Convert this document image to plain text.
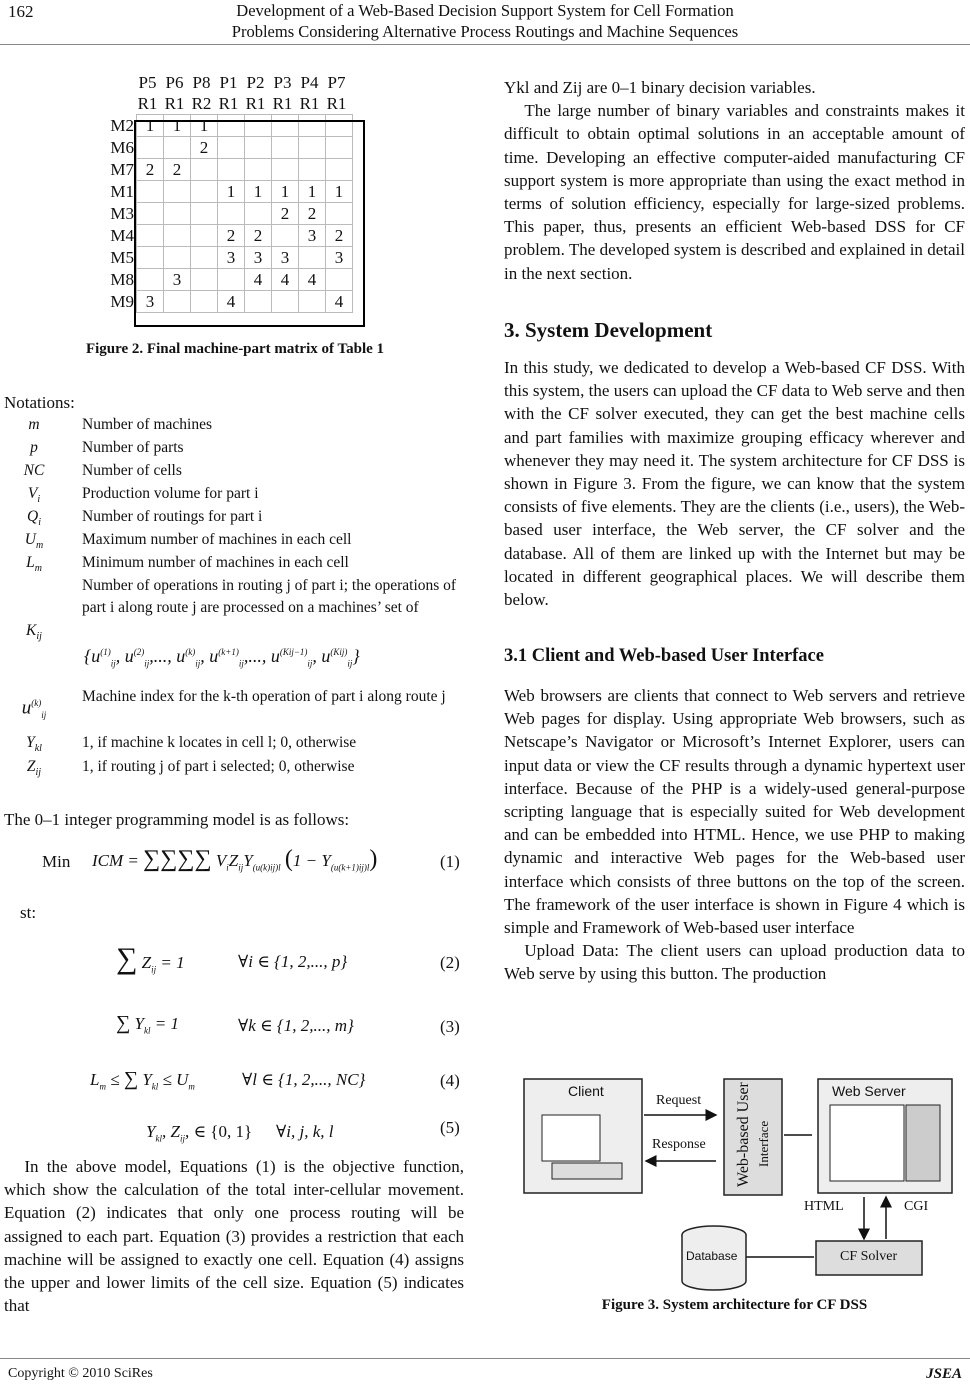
162	Development of a Web-Based Decision Support System for Cell Formation
Problems Considering Alternative Process Routings and Machine Sequences
P5 P6 P8 P1 P2 P3 P4 P7
R1 R1 R2 R1 R1 R1 R1 R1
M2	1	1	1					
M6			2					
M7	2	2						
M1				1	1	1	1	1
M3						2	2	
M4				2	2		3	2
M5				3	3	3		3
M8		3			4	4	4	
M9	3			4				4
Figure 2. Final machine-part matrix of Table 1
Notations:
m	Number of machines
p	Number of parts
NC	Number of cells
$V_i$	Production volume for part i
$Q_i$	Number of routings for part i
$U_m$	Maximum number of machines in each cell
$L_m$	Minimum number of machines in each cell
$K_{ij}$
Number of operations in routing j of part i; the operations of part i along route j are processed on a machines’ set of
{$u^{(1)}_{ij}$, $u^{(2)}_{ij}$,..., $u^{(k)}_{ij}$, $u^{(k+1)}_{ij}$,..., $u^{(Kij-1)}_{ij}$, $u^{(Kij)}_{ij}$}
$u^{(k)}_{ij}$
Machine index for the k-th operation of part i along route j
$Y_{kl}$	1, if machine k locates in cell l; 0, otherwise
$Z_{ij}$	1, if routing j of part i selected; 0, otherwise
The 0–1 integer programming model is as follows:
Min ICM = ∑∑∑∑ $V_iZ_{ij}Y_{(u(k)ij)l}$ $(1 - Y_{(u(k+1)ij)l})$	(1)
st:
∑ $Z_{ij} = 1$	∀i ∈ {1, 2,..., p}	(2)
∑ $Y_{kl} = 1$	∀k ∈ {1, 2,..., m}	(3)
$L_m$ ≤ ∑ $Y_{kl} \le U_m$	∀l ∈ {1, 2,..., NC}	(4)
$Y_{kl}$, $Z_{ij}$, ∈ {0, 1} ∀i, j, k, l	(5)

In the above model, Equations (1) is the objective function, which show the calculation of the total inter-cellular movement. Equation (2) indicates that only one process routing will be assigned to each part. Equation (3) provides a restriction that each machine will be assigned to exactly one cell. Equation (4) assigns the upper and lower limits of the cell size. Equation (5) indicates that

Ykl and Zij are 0–1 binary decision variables.

The large number of binary variables and constraints makes it difficult to obtain optimal solutions in an acceptable amount of time. Developing an effective computer-aided manufacturing CF support system is more appropriate than using the exact method in terms of solution efficiency, especially for large-sized problems. This paper, thus, presents an efficient Web-based DSS for CF problem. The developed system is described and explained in detail in the next section.

3. System Development

In this study, we dedicated to develop a Web-based CF DSS. With this system, the users can upload the CF data to Web serve and then with the CF solver executed, they can get the best machine cells and part families with maximize grouping efficacy wherever and whenever they may need it. The system architecture for CF DSS is shown in Figure 3. From the figure, we can know that the system consists of five elements. They are the clients (i.e., users), the Web-based user interface, the Web server, the CF solver and the database. All of them are linked up with the Internet but may be located in different geographical places. We will describe them below.

3.1 Client and Web-based User Interface

Web browsers are clients that connect to Web servers and retrieve Web pages for display. Using appropriate Web browsers, such as Netscape’s Navigator or Microsoft’s Internet Explorer, users can input data or view the CF results through a dynamic hypertext user interface. Because of the PHP is a widely-used general-purpose scripting language that is especially suited for Web development and can be embedded into HTML. Hence, we use PHP to making dynamic and interactive Web pages for the Web-based user interface which consists of three buttons on the top of the screen. The framework of the user interface is shown in Figure 4 which is simple and Framework of Web-based user interface

Upload Data: The client users can upload production data to Web serve by using this button. The production

Client
Request
Response Web-based User Interface
Web Server
HTML	CGI
CF Solver
Database
Figure 3. System architecture for CF DSS
Copyright © 2010 SciRes	JSEA
